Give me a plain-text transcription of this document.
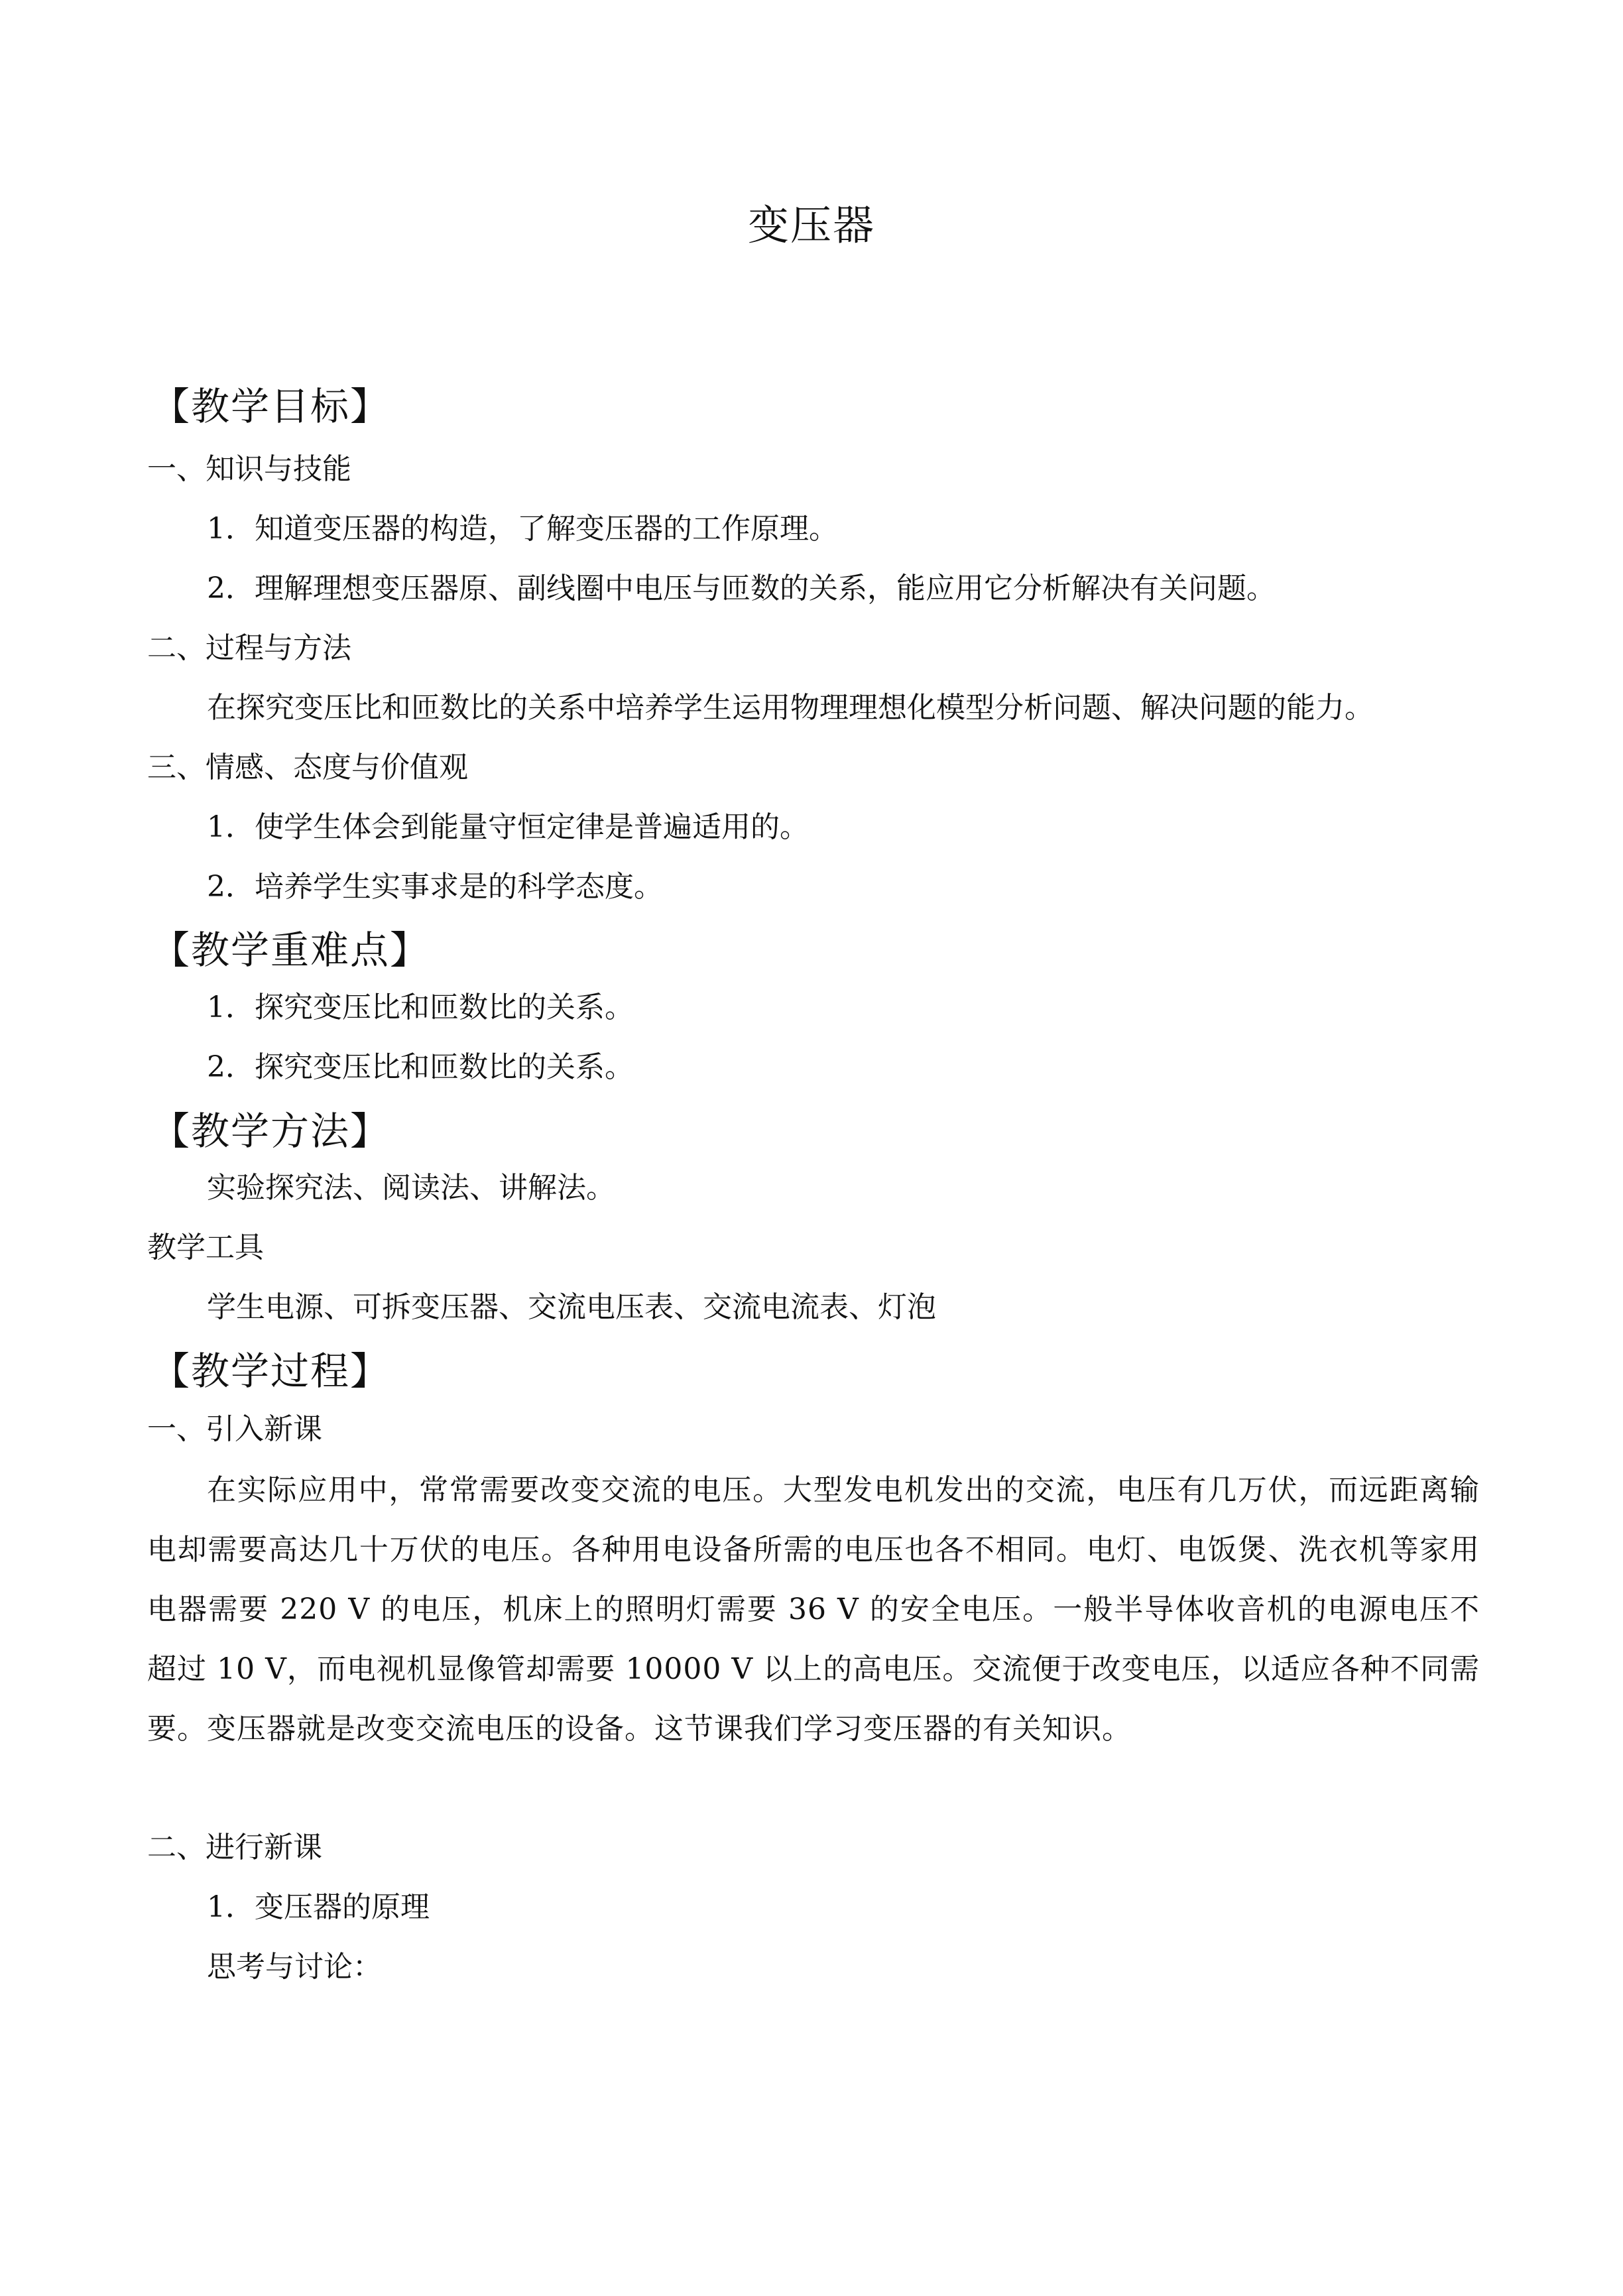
变压器
【教学目标】
一、知识与技能
1．知道变压器的构造，了解变压器的工作原理。
2．理解理想变压器原、副线圈中电压与匝数的关系，能应用它分析解决有关问题。
二、过程与方法
在探究变压比和匝数比的关系中培养学生运用物理理想化模型分析问题、解决问题的能力。
三、情感、态度与价值观
1．使学生体会到能量守恒定律是普遍适用的。
2．培养学生实事求是的科学态度。
【教学重难点】
1．探究变压比和匝数比的关系。
2．探究变压比和匝数比的关系。
【教学方法】
实验探究法、阅读法、讲解法。
教学工具
学生电源、可拆变压器、交流电压表、交流电流表、灯泡
【教学过程】
一、引入新课
在实际应用中，常常需要改变交流的电压。大型发电机发出的交流，电压有几万伏，而远距离输电却需要高达几十万伏的电压。各种用电设备所需的电压也各不相同。电灯、电饭煲、洗衣机等家用电器需要 220 V 的电压，机床上的照明灯需要 36 V 的安全电压。一般半导体收音机的电源电压不超过 10 V，而电视机显像管却需要 10000 V 以上的高电压。交流便于改变电压，以适应各种不同需要。变压器就是改变交流电压的设备。这节课我们学习变压器的有关知识。
二、进行新课
1．变压器的原理
思考与讨论：
